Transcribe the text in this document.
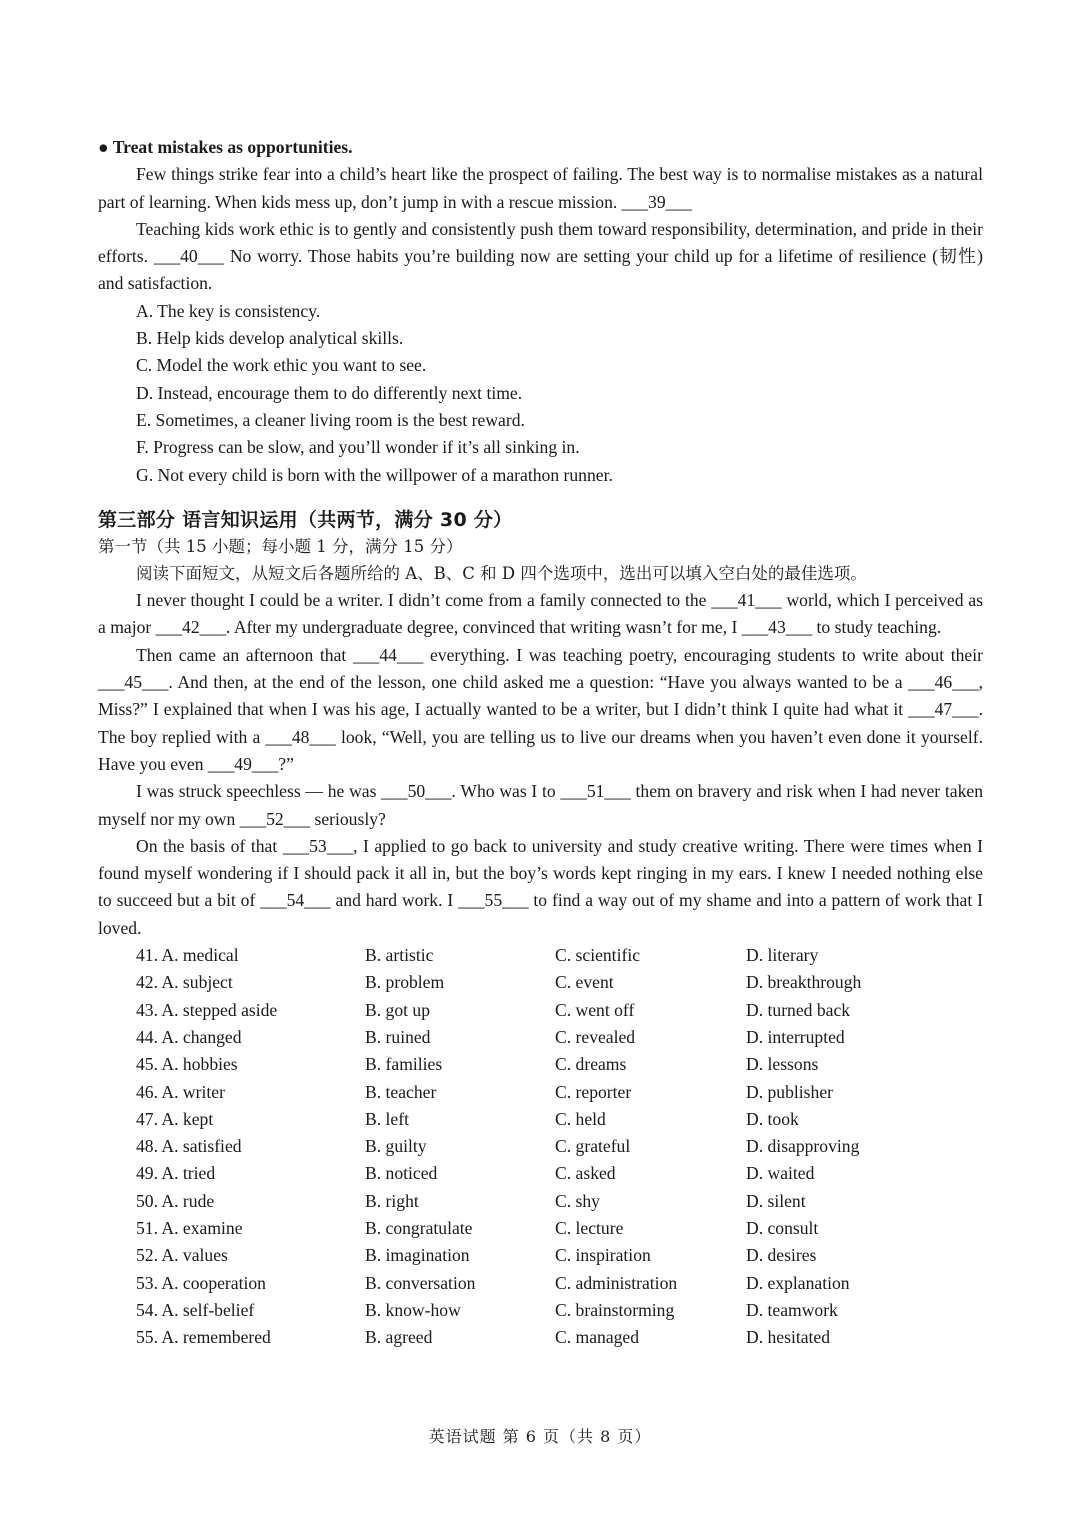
● Treat mistakes as opportunities.

Few things strike fear into a child’s heart like the prospect of failing. The best way is to normalise mistakes as a natural part of learning. When kids mess up, don’t jump in with a rescue mission. ___39___

Teaching kids work ethic is to gently and consistently push them toward responsibility, determination, and pride in their efforts. ___40___ No worry. Those habits you’re building now are setting your child up for a lifetime of resilience (韧性) and satisfaction.

A. The key is consistency.

B. Help kids develop analytical skills.

C. Model the work ethic you want to see.

D. Instead, encourage them to do differently next time.

E. Sometimes, a cleaner living room is the best reward.

F. Progress can be slow, and you’ll wonder if it’s all sinking in.

G. Not every child is born with the willpower of a marathon runner.

第三部分 语言知识运用（共两节，满分 30 分）

第一节（共 15 小题；每小题 1 分，满分 15 分）

阅读下面短文，从短文后各题所给的 A、B、C 和 D 四个选项中，选出可以填入空白处的最佳选项。

I never thought I could be a writer. I didn’t come from a family connected to the ___41___ world, which I perceived as a major ___42___. After my undergraduate degree, convinced that writing wasn’t for me, I ___43___ to study teaching.

Then came an afternoon that ___44___ everything. I was teaching poetry, encouraging students to write about their ___45___. And then, at the end of the lesson, one child asked me a question: “Have you always wanted to be a ___46___, Miss?” I explained that when I was his age, I actually wanted to be a writer, but I didn’t think I quite had what it ___47___. The boy replied with a ___48___ look, “Well, you are telling us to live our dreams when you haven’t even done it yourself. Have you even ___49___?”

I was struck speechless — he was ___50___. Who was I to ___51___ them on bravery and risk when I had never taken myself nor my own ___52___ seriously?

On the basis of that ___53___, I applied to go back to university and study creative writing. There were times when I found myself wondering if I should pack it all in, but the boy’s words kept ringing in my ears. I knew I needed nothing else to succeed but a bit of ___54___ and hard work. I ___55___ to find a way out of my shame and into a pattern of work that I loved.

41. A. medical	B. artistic	C. scientific	D. literary
42. A. subject	B. problem	C. event	D. breakthrough
43. A. stepped aside	B. got up	C. went off	D. turned back
44. A. changed	B. ruined	C. revealed	D. interrupted
45. A. hobbies	B. families	C. dreams	D. lessons
46. A. writer	B. teacher	C. reporter	D. publisher
47. A. kept	B. left	C. held	D. took
48. A. satisfied	B. guilty	C. grateful	D. disapproving
49. A. tried	B. noticed	C. asked	D. waited
50. A. rude	B. right	C. shy	D. silent
51. A. examine	B. congratulate	C. lecture	D. consult
52. A. values	B. imagination	C. inspiration	D. desires
53. A. cooperation	B. conversation	C. administration	D. explanation
54. A. self-belief	B. know-how	C. brainstorming	D. teamwork
55. A. remembered	B. agreed	C. managed	D. hesitated
英语试题 第 6 页（共 8 页）
